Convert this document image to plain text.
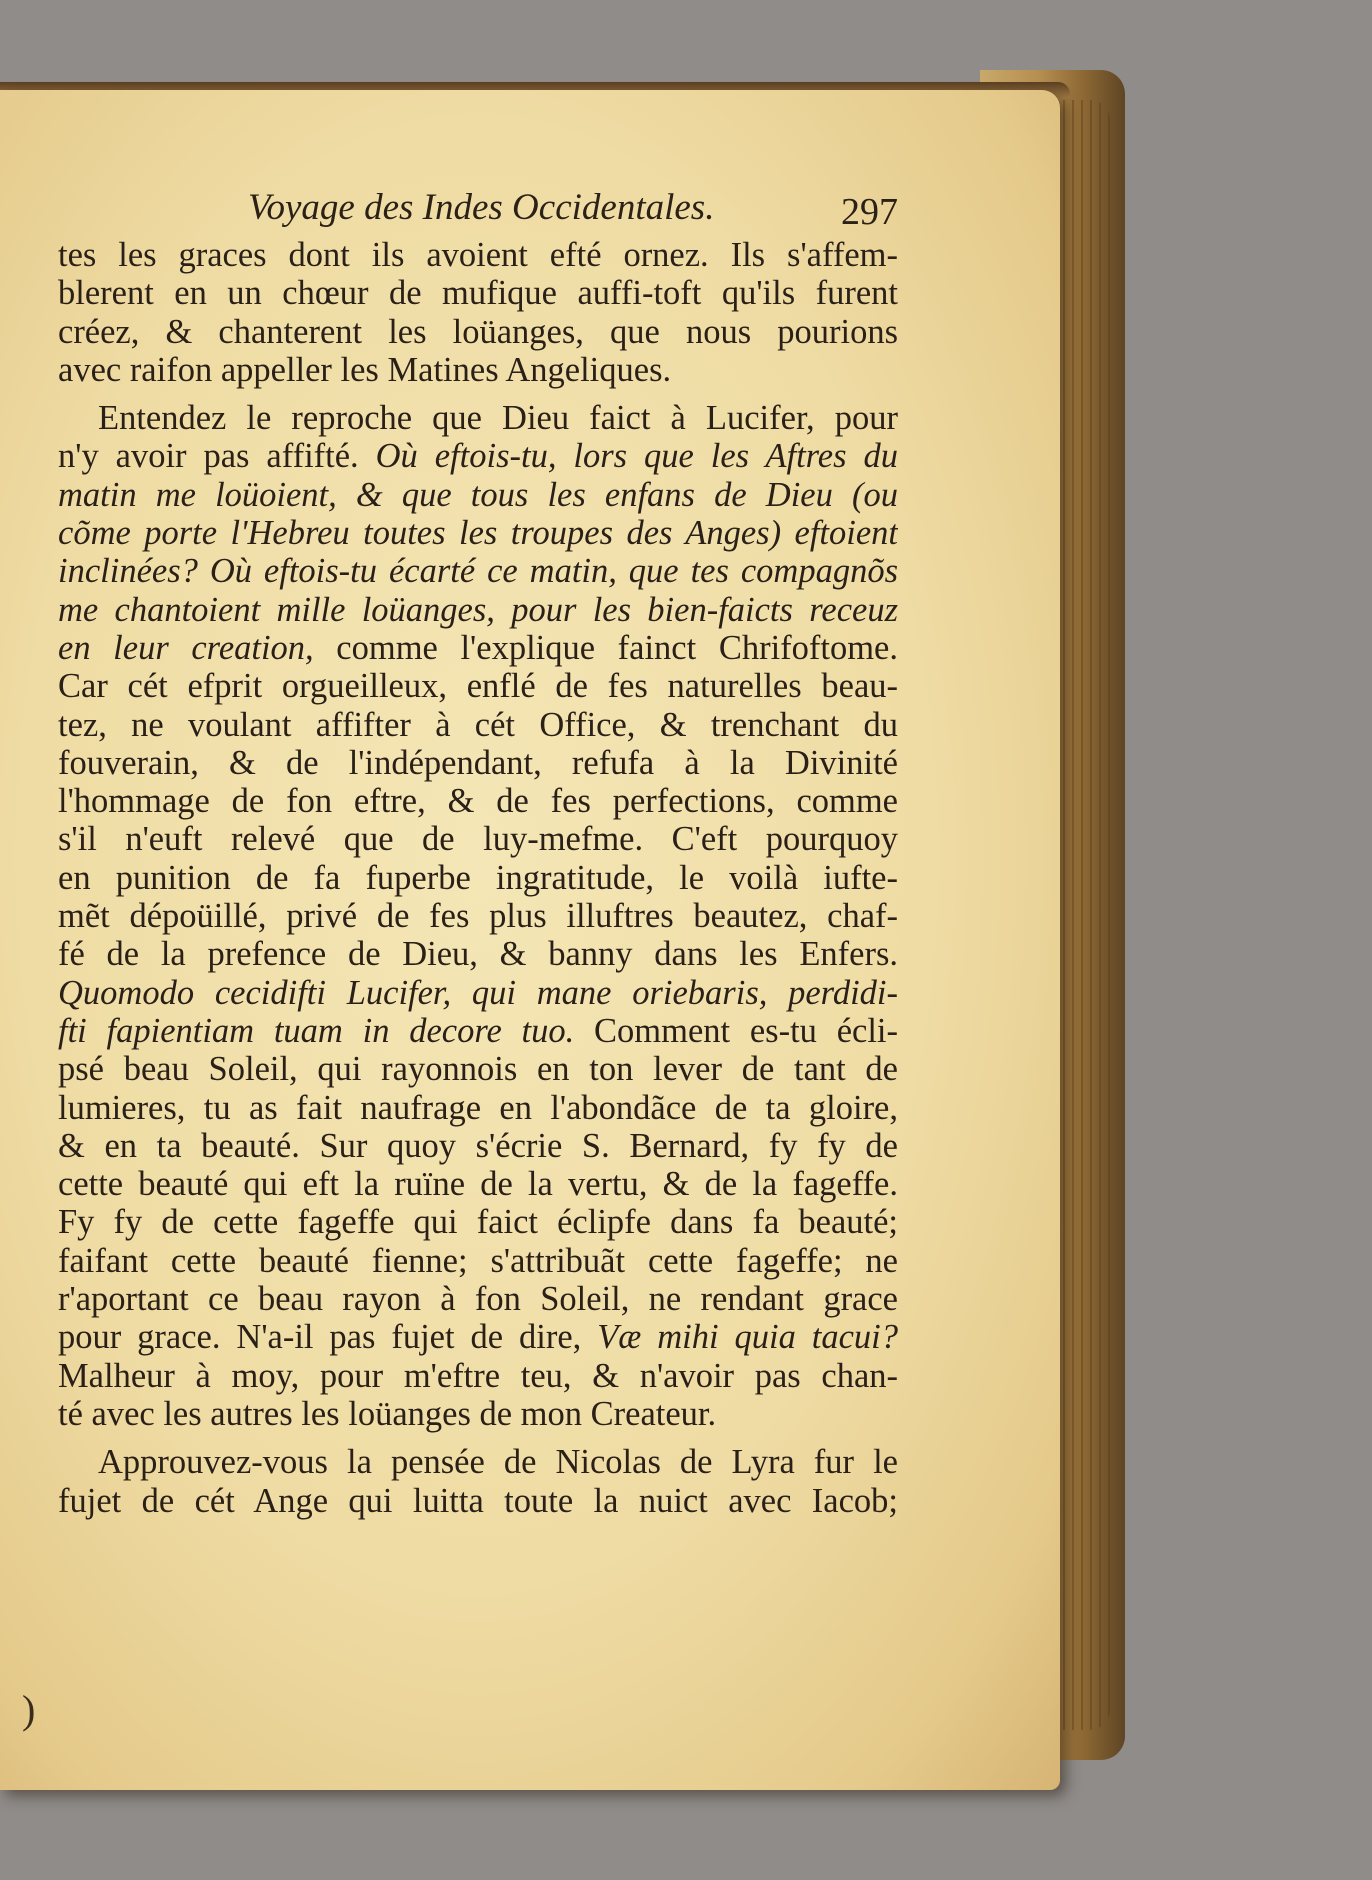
Voyage des Indes Occidentales.	297
tes les graces dont ils avoient efté ornez. Ils s'affem-
blerent en un chœur de mufique auffi-toft qu'ils furent
créez, & chanterent les loüanges, que nous pourions
avec raifon appeller les Matines Angeliques.
Entendez le reproche que Dieu faict à Lucifer, pour
n'y avoir pas affifté. Où eftois-tu, lors que les Aftres du
matin me loüoient, & que tous les enfans de Dieu (ou
cõme porte l'Hebreu toutes les troupes des Anges) eftoient
inclinées? Où eftois-tu écarté ce matin, que tes compagnõs
me chantoient mille loüanges, pour les bien-faicts receuz
en leur creation, comme l'explique fainct Chrifoftome.
Car cét efprit orgueilleux, enflé de fes naturelles beau-
tez, ne voulant affifter à cét Office, & trenchant du
fouverain, & de l'indépendant, refufa à la Divinité
l'hommage de fon eftre, & de fes perfections, comme
s'il n'euft relevé que de luy-mefme. C'eft pourquoy
en punition de fa fuperbe ingratitude, le voilà iufte-
mẽt dépoüillé, privé de fes plus illuftres beautez, chaf-
fé de la prefence de Dieu, & banny dans les Enfers.
Quomodo cecidifti Lucifer, qui mane oriebaris, perdidi-
fti fapientiam tuam in decore tuo. Comment es-tu écli-
psé beau Soleil, qui rayonnois en ton lever de tant de
lumieres, tu as fait naufrage en l'abondãce de ta gloire,
& en ta beauté. Sur quoy s'écrie S. Bernard, fy fy de
cette beauté qui eft la ruïne de la vertu, & de la fageffe.
Fy fy de cette fageffe qui faict éclipfe dans fa beauté;
faifant cette beauté fienne; s'attribuãt cette fageffe; ne
r'aportant ce beau rayon à fon Soleil, ne rendant grace
pour grace. N'a-il pas fujet de dire, Væ mihi quia tacui?
Malheur à moy, pour m'eftre teu, & n'avoir pas chan-
té avec les autres les loüanges de mon Createur.
Approuvez-vous la pensée de Nicolas de Lyra fur le
fujet de cét Ange qui luitta toute la nuict avec Iacob;
)
